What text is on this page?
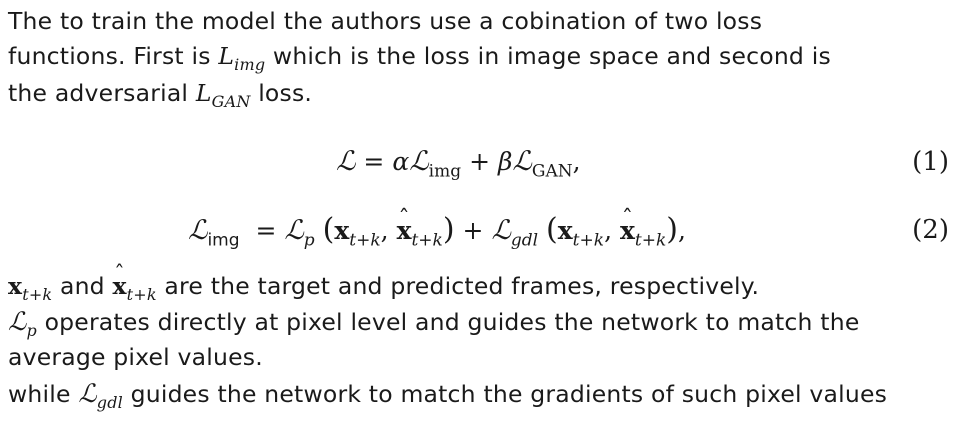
The to train the model the authors use a cobination of two loss
functions. First is $L_{img}$ which is the loss in image space and second is
the adversarial $L_{GAN}$ loss.
ℒ = αℒ$_{img}$ + βℒ$_{GAN}$,	(1)
ℒ$_{img}$ = ℒ$_p$ ($x_{t+k}$, ˆ $x_{t+k}$) + ℒ$_{gdl}$ ($x_{t+k}$, ˆ $x_{t+k}$),	(2)
$x_{t+k}$ and ˆ $x_{t+k}$ are the target and predicted frames, respectively.
ℒ$_p$ operates directly at pixel level and guides the network to match the
average pixel values.
while ℒ$_{gdl}$ guides the network to match the gradients of such pixel values
